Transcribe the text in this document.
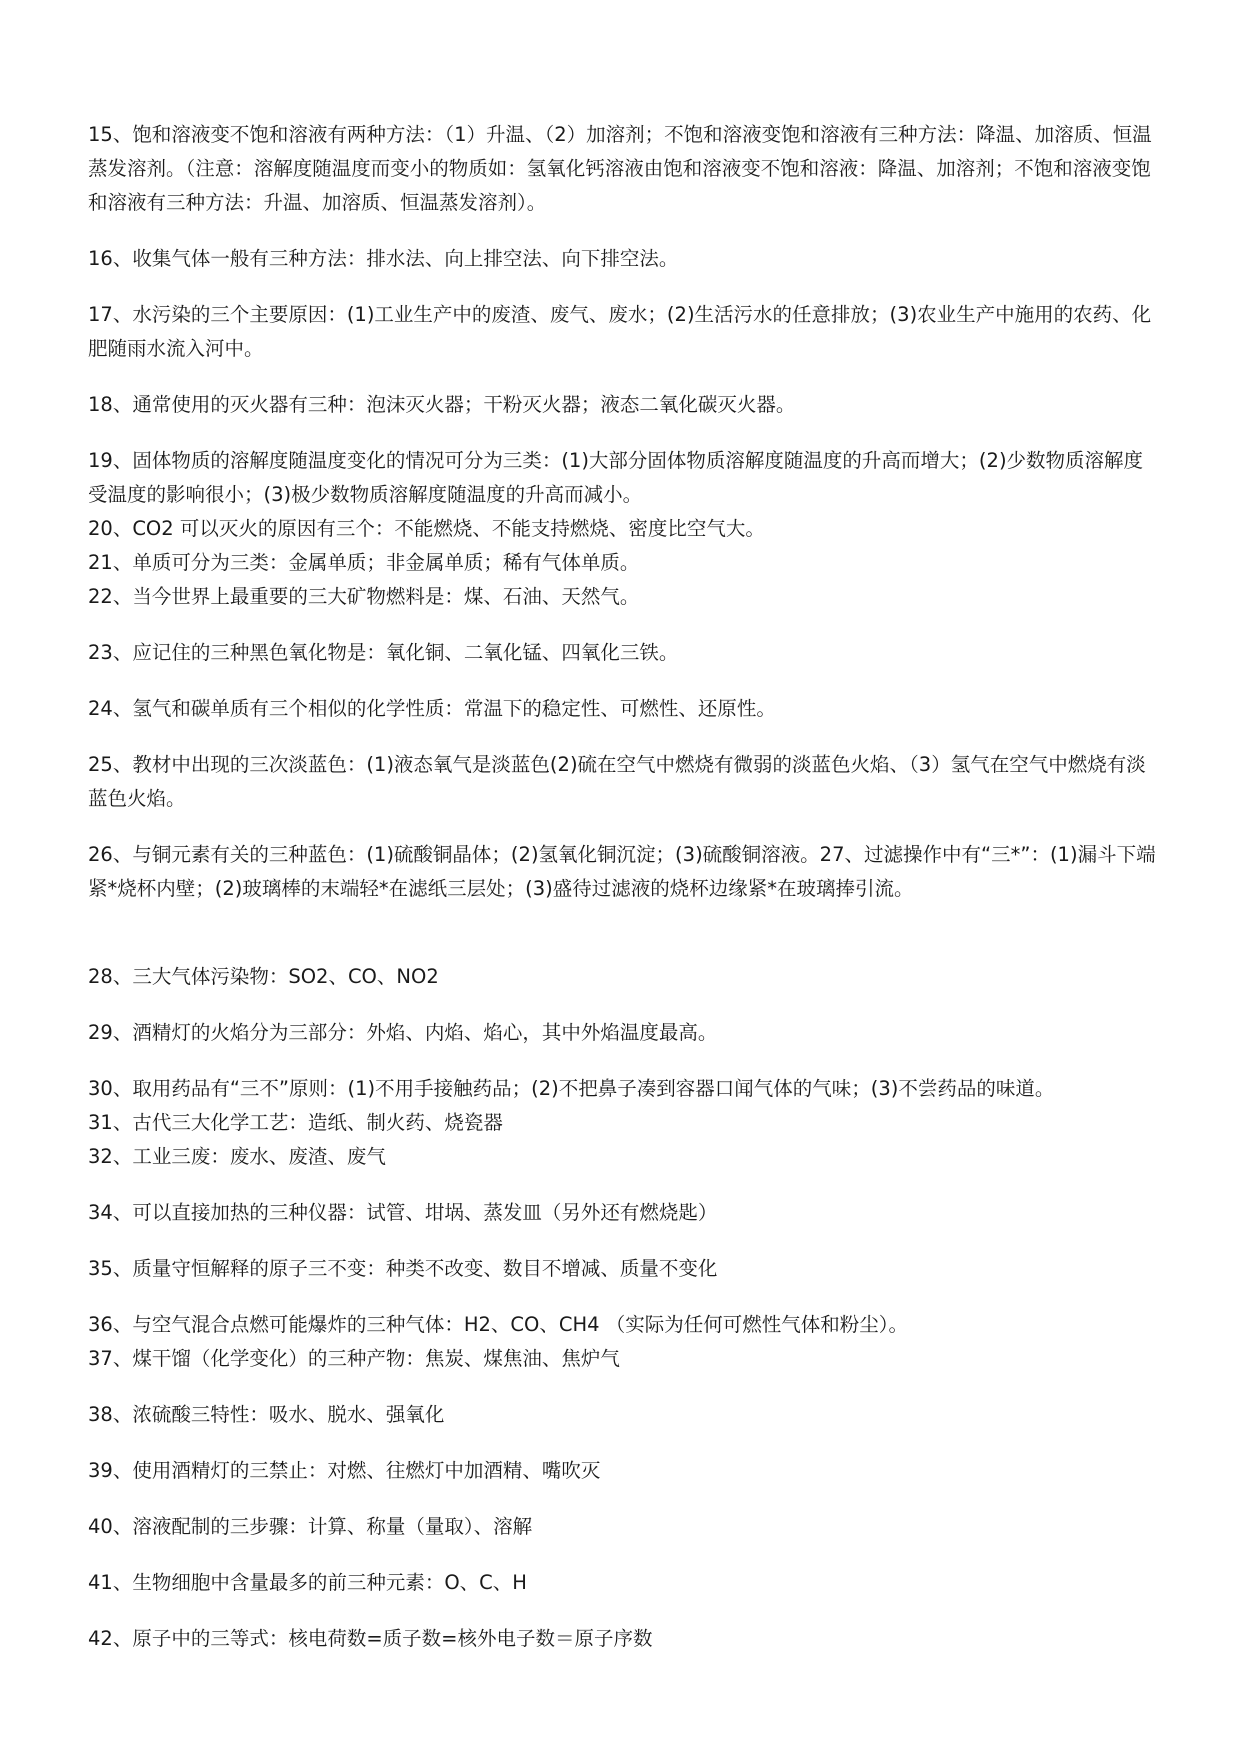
15、饱和溶液变不饱和溶液有两种方法：（1）升温、（2）加溶剂；不饱和溶液变饱和溶液有三种方法：降温、加溶质、恒温蒸发溶剂。（注意：溶解度随温度而变小的物质如：氢氧化钙溶液由饱和溶液变不饱和溶液：降温、加溶剂；不饱和溶液变饱和溶液有三种方法：升温、加溶质、恒温蒸发溶剂）。

16、收集气体一般有三种方法：排水法、向上排空法、向下排空法。

17、水污染的三个主要原因：(1)工业生产中的废渣、废气、废水；(2)生活污水的任意排放；(3)农业生产中施用的农药、化肥随雨水流入河中。

18、通常使用的灭火器有三种：泡沫灭火器；干粉灭火器；液态二氧化碳灭火器。

19、固体物质的溶解度随温度变化的情况可分为三类：(1)大部分固体物质溶解度随温度的升高而增大；(2)少数物质溶解度受温度的影响很小；(3)极少数物质溶解度随温度的升高而减小。

20、CO2 可以灭火的原因有三个：不能燃烧、不能支持燃烧、密度比空气大。

21、单质可分为三类：金属单质；非金属单质；稀有气体单质。

22、当今世界上最重要的三大矿物燃料是：煤、石油、天然气。

23、应记住的三种黑色氧化物是：氧化铜、二氧化锰、四氧化三铁。

24、氢气和碳单质有三个相似的化学性质：常温下的稳定性、可燃性、还原性。

25、教材中出现的三次淡蓝色：(1)液态氧气是淡蓝色(2)硫在空气中燃烧有微弱的淡蓝色火焰、（3）氢气在空气中燃烧有淡蓝色火焰。

26、与铜元素有关的三种蓝色：(1)硫酸铜晶体；(2)氢氧化铜沉淀；(3)硫酸铜溶液。27、过滤操作中有“三*”：(1)漏斗下端紧*烧杯内壁；(2)玻璃棒的末端轻*在滤纸三层处；(3)盛待过滤液的烧杯边缘紧*在玻璃捧引流。

28、三大气体污染物：SO2、CO、NO2

29、酒精灯的火焰分为三部分：外焰、内焰、焰心，其中外焰温度最高。

30、取用药品有“三不”原则：(1)不用手接触药品；(2)不把鼻子凑到容器口闻气体的气味；(3)不尝药品的味道。

31、古代三大化学工艺：造纸、制火药、烧瓷器

32、工业三废：废水、废渣、废气

34、可以直接加热的三种仪器：试管、坩埚、蒸发皿（另外还有燃烧匙）

35、质量守恒解释的原子三不变：种类不改变、数目不增减、质量不变化

36、与空气混合点燃可能爆炸的三种气体：H2、CO、CH4 （实际为任何可燃性气体和粉尘）。

37、煤干馏（化学变化）的三种产物：焦炭、煤焦油、焦炉气

38、浓硫酸三特性：吸水、脱水、强氧化

39、使用酒精灯的三禁止：对燃、往燃灯中加酒精、嘴吹灭

40、溶液配制的三步骤：计算、称量（量取）、溶解

41、生物细胞中含量最多的前三种元素：O、C、H

42、原子中的三等式：核电荷数=质子数=核外电子数＝原子序数
